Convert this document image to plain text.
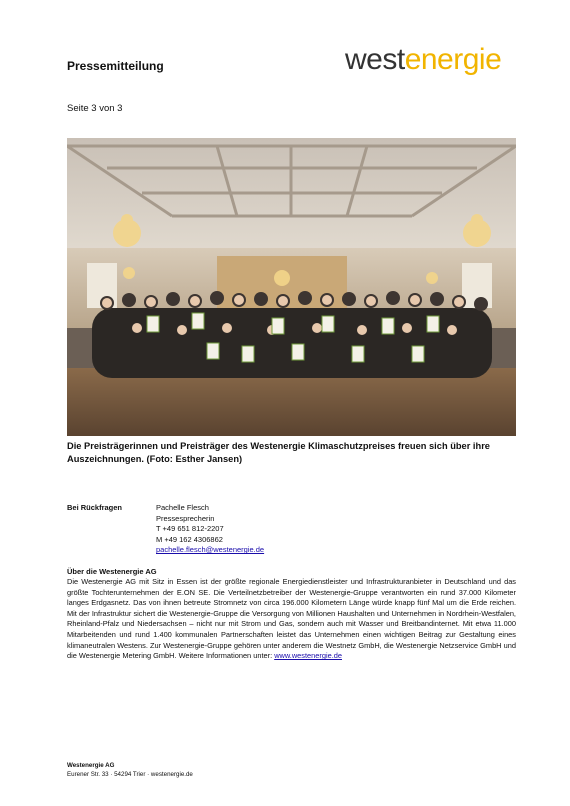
Pressemitteilung	westenergie
Seite 3 von 3
Die Preisträgerinnen und Preisträger des Westenergie Klimaschutzpreises freuen sich über ihre Auszeichnungen. (Foto: Esther Jansen)
Bei Rückfragen	Pachelle Flesch
Pressesprecherin
T +49 651 812-2207
M +49 162 4306862
pachelle.flesch@westenergie.de
Über die Westenergie AG
Die Westenergie AG mit Sitz in Essen ist der größte regionale Energiedienstleister und Infrastrukturanbieter in Deutschland und das größte Tochterunternehmen der E.ON SE. Die Verteilnetzbetreiber der Westenergie-Gruppe verantworten ein rund 37.000 Kilometer langes Erdgasnetz. Das von ihnen betreute Stromnetz von circa 196.000 Kilometern Länge würde knapp fünf Mal um die Erde reichen. Mit der Infrastruktur sichert die Westenergie-Gruppe die Versorgung von Millionen Haushalten und Unternehmen in Nordrhein-Westfalen, Rheinland-Pfalz und Niedersachsen – nicht nur mit Strom und Gas, sondern auch mit Wasser und Breitbandinternet. Mit etwa 11.000 Mitarbeitenden und rund 1.400 kommunalen Partnerschaften leistet das Unternehmen einen wichtigen Beitrag zur Gestaltung eines klimaneutralen Westens. Zur Westenergie-Gruppe gehören unter anderem die Westnetz GmbH, die Westenergie Netzservice GmbH und die Westenergie Metering GmbH. Weitere Informationen unter: www.westenergie.de
Westenergie AG
Eurener Str. 33 · 54294 Trier · westenergie.de
